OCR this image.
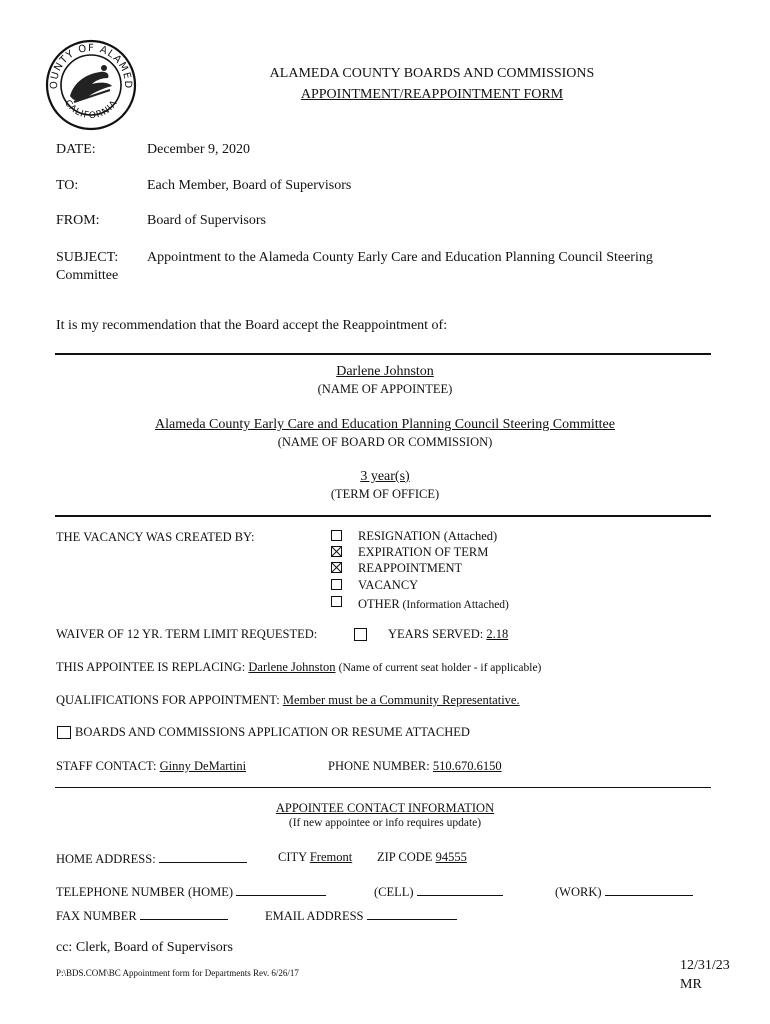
OUNTY OF ALAMED
CALIFORNIA
ALAMEDA COUNTY BOARDS AND COMMISSIONS
APPOINTMENT/REAPPOINTMENT FORM
DATE:	December 9, 2020
TO:	Each Member, Board of Supervisors
FROM:	Board of Supervisors
SUBJECT: Appointment to the Alameda County Early Care and Education Planning Council Steering
Committee
It is my recommendation that the Board accept the Reappointment of:
Darlene Johnston
(NAME OF APPOINTEE)
Alameda County Early Care and Education Planning Council Steering Committee
(NAME OF BOARD OR COMMISSION)
3 year(s)
(TERM OF OFFICE)
THE VACANCY WAS CREATED BY:	RESIGNATION (Attached)
EXPIRATION OF TERM
REAPPOINTMENT
VACANCY
OTHER (Information Attached)
WAIVER OF 12 YR. TERM LIMIT REQUESTED:	YEARS SERVED: 2.18
THIS APPOINTEE IS REPLACING: Darlene Johnston (Name of current seat holder - if applicable)
QUALIFICATIONS FOR APPOINTMENT: Member must be a Community Representative.
BOARDS AND COMMISSIONS APPLICATION OR RESUME ATTACHED
STAFF CONTACT: Ginny DeMartini	PHONE NUMBER: 510.670.6150
APPOINTEE CONTACT INFORMATION
(If new appointee or info requires update)
HOME ADDRESS:	CITY Fremont ZIP CODE 94555
TELEPHONE NUMBER (HOME)	(CELL)	(WORK)
FAX NUMBER	EMAIL ADDRESS
cc: Clerk, Board of Supervisors
P:\BDS.COM\BC Appointment form for Departments Rev. 6/26/17	12/31/23
MR
